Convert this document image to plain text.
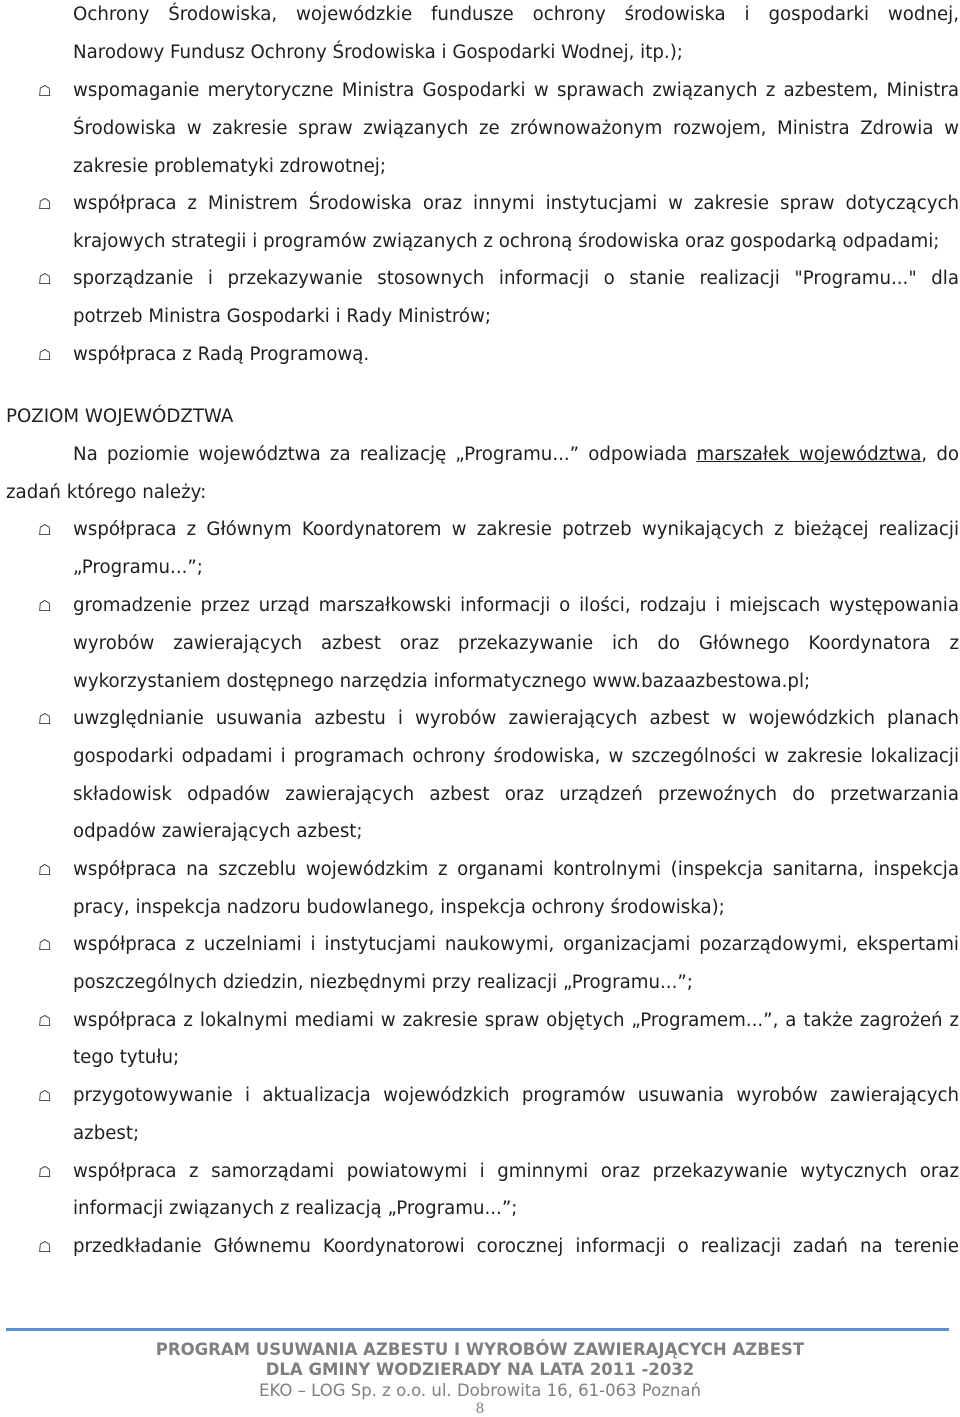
Ochrony Środowiska, wojewódzkie fundusze ochrony środowiska i gospodarki wodnej,
Narodowy Fundusz Ochrony Środowiska i Gospodarki Wodnej, itp.);
☖ wspomaganie merytoryczne Ministra Gospodarki w sprawach związanych z azbestem, Ministra
Środowiska w zakresie spraw związanych ze zrównoważonym rozwojem, Ministra Zdrowia w
zakresie problematyki zdrowotnej;
☖ współpraca z Ministrem Środowiska oraz innymi instytucjami w zakresie spraw dotyczących
krajowych strategii i programów związanych z ochroną środowiska oraz gospodarką odpadami;
☖ sporządzanie i przekazywanie stosownych informacji o stanie realizacji "Programu..." dla
potrzeb Ministra Gospodarki i Rady Ministrów;
☖ współpraca z Radą Programową.
POZIOM WOJEWÓDZTWA
Na poziomie województwa za realizację „Programu...” odpowiada marszałek województwa, do
zadań którego należy:
☖ współpraca z Głównym Koordynatorem w zakresie potrzeb wynikających z bieżącej realizacji
„Programu...”;
☖ gromadzenie przez urząd marszałkowski informacji o ilości, rodzaju i miejscach występowania
wyrobów zawierających azbest oraz przekazywanie ich do Głównego Koordynatora z
wykorzystaniem dostępnego narzędzia informatycznego www.bazaazbestowa.pl;
☖ uwzględnianie usuwania azbestu i wyrobów zawierających azbest w wojewódzkich planach
gospodarki odpadami i programach ochrony środowiska, w szczególności w zakresie lokalizacji
składowisk odpadów zawierających azbest oraz urządzeń przewoźnych do przetwarzania
odpadów zawierających azbest;
☖ współpraca na szczeblu wojewódzkim z organami kontrolnymi (inspekcja sanitarna, inspekcja
pracy, inspekcja nadzoru budowlanego, inspekcja ochrony środowiska);
☖ współpraca z uczelniami i instytucjami naukowymi, organizacjami pozarządowymi, ekspertami
poszczególnych dziedzin, niezbędnymi przy realizacji „Programu...”;
☖ współpraca z lokalnymi mediami w zakresie spraw objętych „Programem...”, a także zagrożeń z
tego tytułu;
☖ przygotowywanie i aktualizacja wojewódzkich programów usuwania wyrobów zawierających
azbest;
☖ współpraca z samorządami powiatowymi i gminnymi oraz przekazywanie wytycznych oraz
informacji związanych z realizacją „Programu...”;
☖ przedkładanie Głównemu Koordynatorowi corocznej informacji o realizacji zadań na terenie
PROGRAM USUWANIA AZBESTU I WYROBÓW ZAWIERAJĄCYCH AZBEST
DLA GMINY WODZIERADY NA LATA 2011 -2032
EKO – LOG Sp. z o.o. ul. Dobrowita 16, 61-063 Poznań
8
